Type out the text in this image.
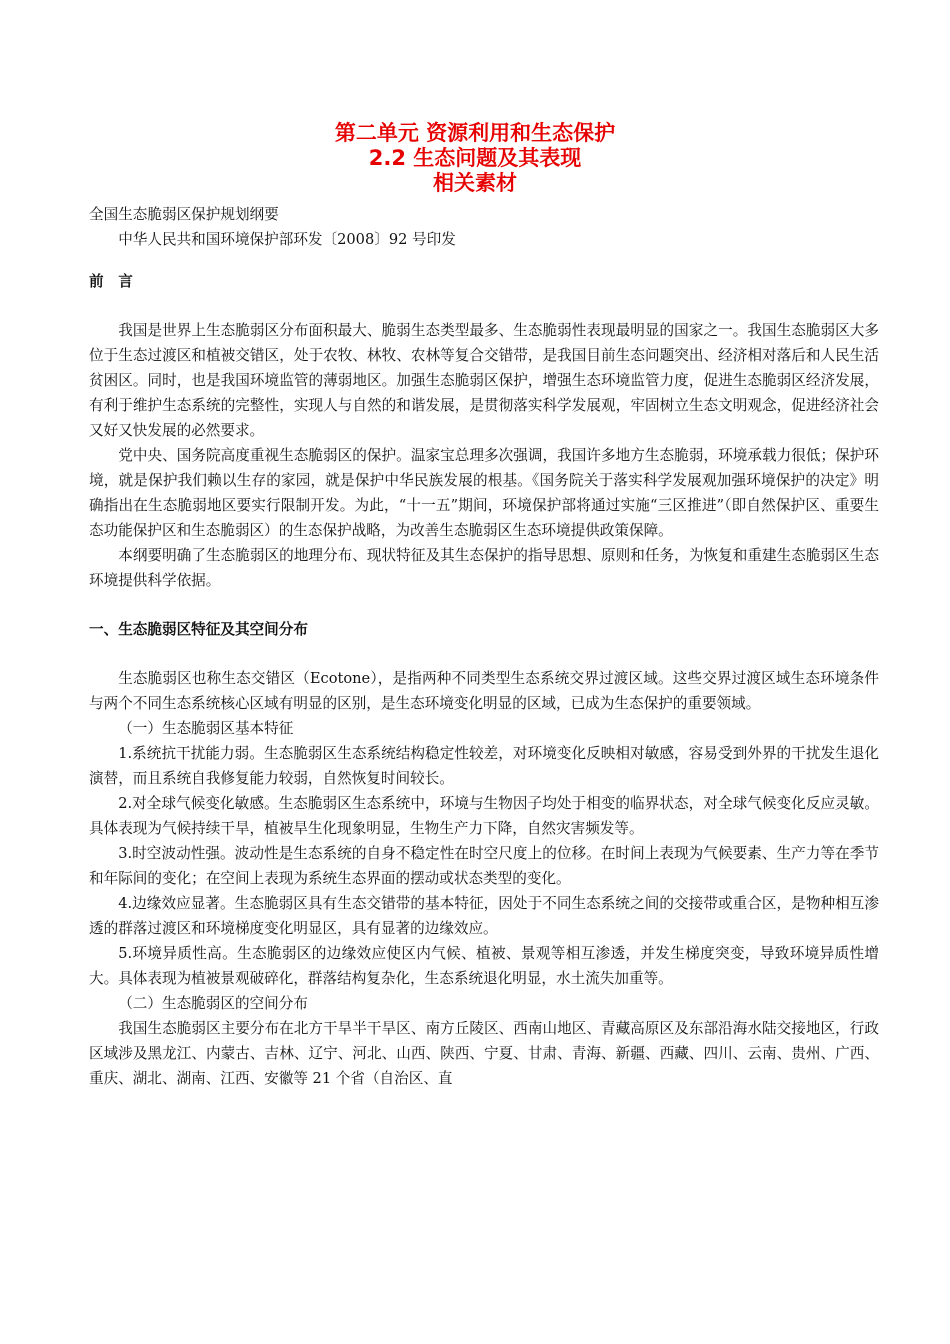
第二单元 资源利用和生态保护
2.2 生态问题及其表现
相关素材

全国生态脆弱区保护规划纲要

中华人民共和国环境保护部环发〔2008〕92 号印发

前　言

我国是世界上生态脆弱区分布面积最大、脆弱生态类型最多、生态脆弱性表现最明显的国家之一。我国生态脆弱区大多位于生态过渡区和植被交错区，处于农牧、林牧、农林等复合交错带，是我国目前生态问题突出、经济相对落后和人民生活贫困区。同时，也是我国环境监管的薄弱地区。加强生态脆弱区保护，增强生态环境监管力度，促进生态脆弱区经济发展，有利于维护生态系统的完整性，实现人与自然的和谐发展，是贯彻落实科学发展观，牢固树立生态文明观念，促进经济社会又好又快发展的必然要求。

党中央、国务院高度重视生态脆弱区的保护。温家宝总理多次强调，我国许多地方生态脆弱，环境承载力很低；保护环境，就是保护我们赖以生存的家园，就是保护中华民族发展的根基。《国务院关于落实科学发展观加强环境保护的决定》明确指出在生态脆弱地区要实行限制开发。为此，“十一五”期间，环境保护部将通过实施“三区推进”（即自然保护区、重要生态功能保护区和生态脆弱区）的生态保护战略，为改善生态脆弱区生态环境提供政策保障。

本纲要明确了生态脆弱区的地理分布、现状特征及其生态保护的指导思想、原则和任务，为恢复和重建生态脆弱区生态环境提供科学依据。

一、生态脆弱区特征及其空间分布

生态脆弱区也称生态交错区（Ecotone），是指两种不同类型生态系统交界过渡区域。这些交界过渡区域生态环境条件与两个不同生态系统核心区域有明显的区别，是生态环境变化明显的区域，已成为生态保护的重要领域。

（一）生态脆弱区基本特征

1.系统抗干扰能力弱。生态脆弱区生态系统结构稳定性较差，对环境变化反映相对敏感，容易受到外界的干扰发生退化演替，而且系统自我修复能力较弱，自然恢复时间较长。

2.对全球气候变化敏感。生态脆弱区生态系统中，环境与生物因子均处于相变的临界状态，对全球气候变化反应灵敏。具体表现为气候持续干旱，植被旱生化现象明显，生物生产力下降，自然灾害频发等。

3.时空波动性强。波动性是生态系统的自身不稳定性在时空尺度上的位移。在时间上表现为气候要素、生产力等在季节和年际间的变化；在空间上表现为系统生态界面的摆动或状态类型的变化。

4.边缘效应显著。生态脆弱区具有生态交错带的基本特征，因处于不同生态系统之间的交接带或重合区，是物种相互渗透的群落过渡区和环境梯度变化明显区，具有显著的边缘效应。

5.环境异质性高。生态脆弱区的边缘效应使区内气候、植被、景观等相互渗透，并发生梯度突变，导致环境异质性增大。具体表现为植被景观破碎化，群落结构复杂化，生态系统退化明显，水土流失加重等。

（二）生态脆弱区的空间分布

我国生态脆弱区主要分布在北方干旱半干旱区、南方丘陵区、西南山地区、青藏高原区及东部沿海水陆交接地区，行政区域涉及黑龙江、内蒙古、吉林、辽宁、河北、山西、陕西、宁夏、甘肃、青海、新疆、西藏、四川、云南、贵州、广西、重庆、湖北、湖南、江西、安徽等 21 个省（自治区、直
